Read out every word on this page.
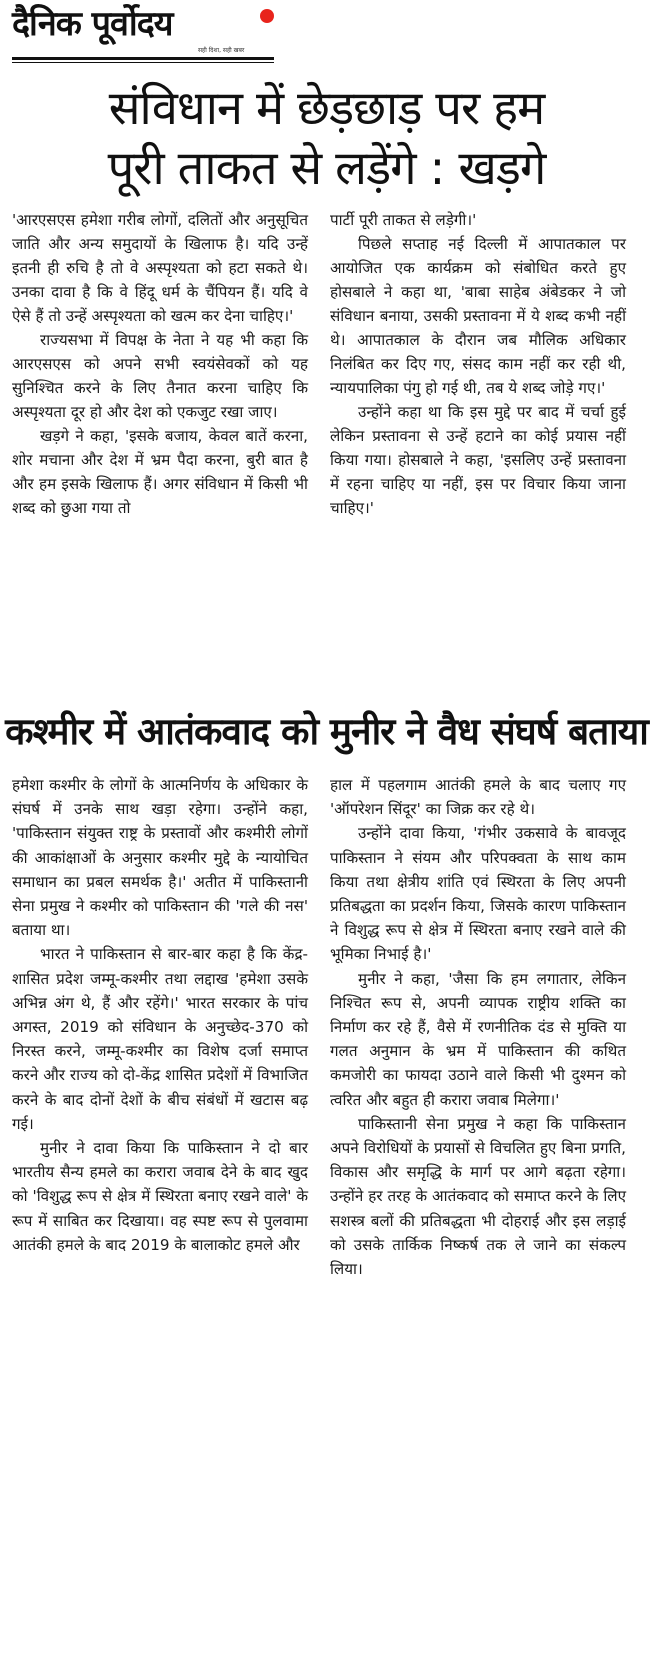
दैनिक पूर्वोदय
सही दिशा, सही खबर
संविधान में छेड़छाड़ पर हम
पूरी ताकत से लड़ेंगे : खड़गे

'आरएसएस हमेशा गरीब लोगों, दलितों और अनुसूचित जाति और अन्य समुदायों के खिलाफ है। यदि उन्हें इतनी ही रुचि है तो वे अस्पृश्यता को हटा सकते थे। उनका दावा है कि वे हिंदू धर्म के चैंपियन हैं। यदि वे ऐसे हैं तो उन्हें अस्पृश्यता को खत्म कर देना चाहिए।'

राज्यसभा में विपक्ष के नेता ने यह भी कहा कि आरएसएस को अपने सभी स्वयंसेवकों को यह सुनिश्चित करने के लिए तैनात करना चाहिए कि अस्पृश्यता दूर हो और देश को एकजुट रखा जाए।

खड़गे ने कहा, 'इसके बजाय, केवल बातें करना, शोर मचाना और देश में भ्रम पैदा करना, बुरी बात है और हम इसके खिलाफ हैं। अगर संविधान में किसी भी शब्द को छुआ गया तो

पार्टी पूरी ताकत से लड़ेगी।'

पिछले सप्ताह नई दिल्ली में आपातकाल पर आयोजित एक कार्यक्रम को संबोधित करते हुए होसबाले ने कहा था, 'बाबा साहेब अंबेडकर ने जो संविधान बनाया, उसकी प्रस्तावना में ये शब्द कभी नहीं थे। आपातकाल के दौरान जब मौलिक अधिकार निलंबित कर दिए गए, संसद काम नहीं कर रही थी, न्यायपालिका पंगु हो गई थी, तब ये शब्द जोड़े गए।'

उन्होंने कहा था कि इस मुद्दे पर बाद में चर्चा हुई लेकिन प्रस्तावना से उन्हें हटाने का कोई प्रयास नहीं किया गया। होसबाले ने कहा, 'इसलिए उन्हें प्रस्तावना में रहना चाहिए या नहीं, इस पर विचार किया जाना चाहिए।'

कश्मीर में आतंकवाद को मुनीर ने वैध संघर्ष बताया

हमेशा कश्मीर के लोगों के आत्मनिर्णय के अधिकार के संघर्ष में उनके साथ खड़ा रहेगा। उन्होंने कहा, 'पाकिस्तान संयुक्त राष्ट्र के प्रस्तावों और कश्मीरी लोगों की आकांक्षाओं के अनुसार कश्मीर मुद्दे के न्यायोचित समाधान का प्रबल समर्थक है।' अतीत में पाकिस्तानी सेना प्रमुख ने कश्मीर को पाकिस्तान की 'गले की नस' बताया था।

भारत ने पाकिस्तान से बार-बार कहा है कि केंद्र-शासित प्रदेश जम्मू-कश्मीर तथा लद्दाख 'हमेशा उसके अभिन्न अंग थे, हैं और रहेंगे।' भारत सरकार के पांच अगस्त, 2019 को संविधान के अनुच्छेद-370 को निरस्त करने, जम्मू-कश्मीर का विशेष दर्जा समाप्त करने और राज्य को दो-केंद्र शासित प्रदेशों में विभाजित करने के बाद दोनों देशों के बीच संबंधों में खटास बढ़ गई।

मुनीर ने दावा किया कि पाकिस्तान ने दो बार भारतीय सैन्य हमले का करारा जवाब देने के बाद खुद को 'विशुद्ध रूप से क्षेत्र में स्थिरता बनाए रखने वाले' के रूप में साबित कर दिखाया। वह स्पष्ट रूप से पुलवामा आतंकी हमले के बाद 2019 के बालाकोट हमले और

हाल में पहलगाम आतंकी हमले के बाद चलाए गए 'ऑपरेशन सिंदूर' का जिक्र कर रहे थे।

उन्होंने दावा किया, 'गंभीर उकसावे के बावजूद पाकिस्तान ने संयम और परिपक्वता के साथ काम किया तथा क्षेत्रीय शांति एवं स्थिरता के लिए अपनी प्रतिबद्धता का प्रदर्शन किया, जिसके कारण पाकिस्तान ने विशुद्ध रूप से क्षेत्र में स्थिरता बनाए रखने वाले की भूमिका निभाई है।'

मुनीर ने कहा, 'जैसा कि हम लगातार, लेकिन निश्चित रूप से, अपनी व्यापक राष्ट्रीय शक्ति का निर्माण कर रहे हैं, वैसे में रणनीतिक दंड से मुक्ति या गलत अनुमान के भ्रम में पाकिस्तान की कथित कमजोरी का फायदा उठाने वाले किसी भी दुश्मन को त्वरित और बहुत ही करारा जवाब मिलेगा।'

पाकिस्तानी सेना प्रमुख ने कहा कि पाकिस्तान अपने विरोधियों के प्रयासों से विचलित हुए बिना प्रगति, विकास और समृद्धि के मार्ग पर आगे बढ़ता रहेगा। उन्होंने हर तरह के आतंकवाद को समाप्त करने के लिए सशस्त्र बलों की प्रतिबद्धता भी दोहराई और इस लड़ाई को उसके तार्किक निष्कर्ष तक ले जाने का संकल्प लिया।
